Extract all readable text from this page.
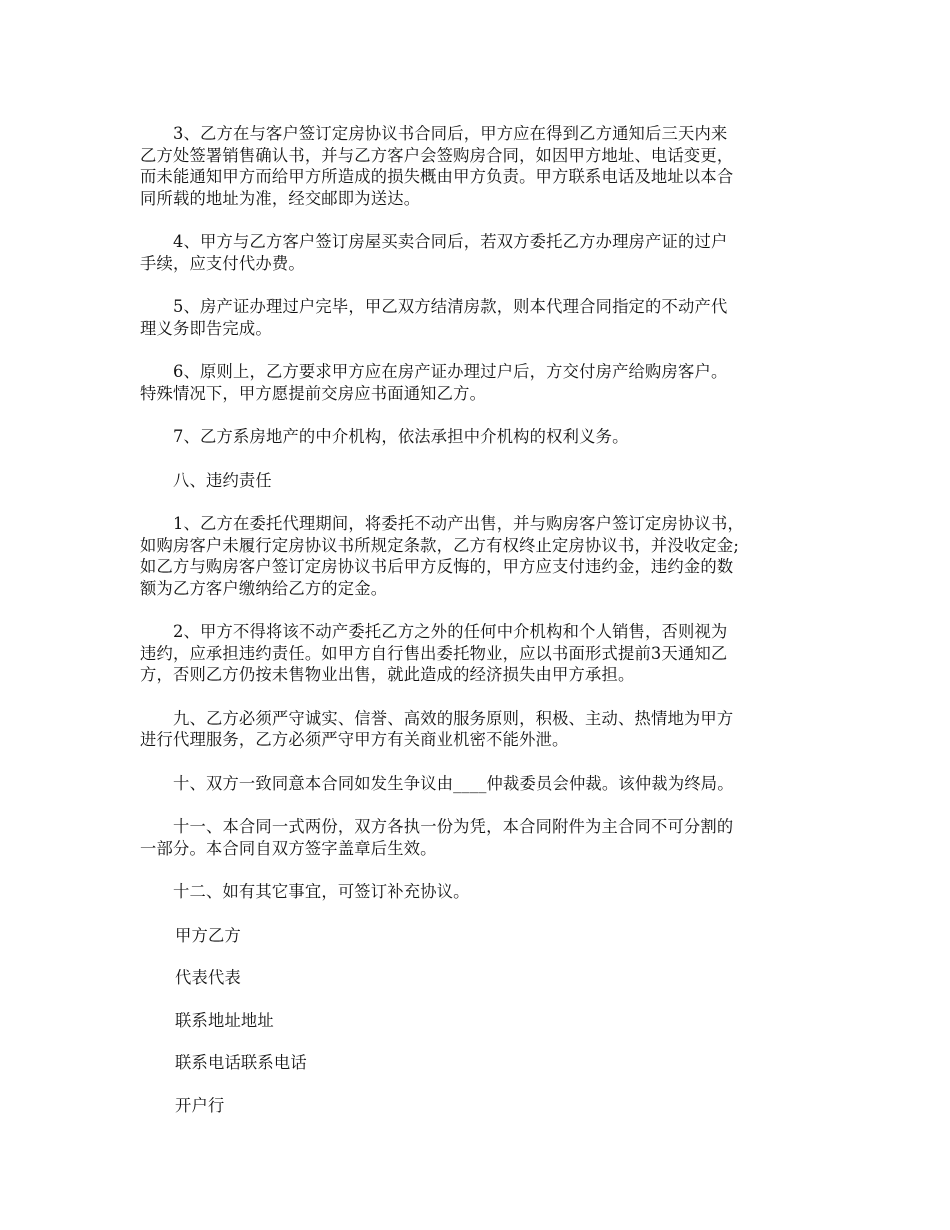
3、乙方在与客户签订定房协议书合同后，甲方应在得到乙方通知后三天内来
乙方处签署销售确认书，并与乙方客户会签购房合同，如因甲方地址、电话变更，
而未能通知甲方而给甲方所造成的损失概由甲方负责。甲方联系电话及地址以本合
同所载的地址为准，经交邮即为送达。

4、甲方与乙方客户签订房屋买卖合同后，若双方委托乙方办理房产证的过户
手续，应支付代办费。

5、房产证办理过户完毕，甲乙双方结清房款，则本代理合同指定的不动产代
理义务即告完成。

6、原则上，乙方要求甲方应在房产证办理过户后，方交付房产给购房客户。
特殊情况下，甲方愿提前交房应书面通知乙方。

7、乙方系房地产的中介机构，依法承担中介机构的权利义务。

八、违约责任

1、乙方在委托代理期间，将委托不动产出售，并与购房客户签订定房协议书，
如购房客户未履行定房协议书所规定条款，乙方有权终止定房协议书，并没收定金;
如乙方与购房客户签订定房协议书后甲方反悔的，甲方应支付违约金，违约金的数
额为乙方客户缴纳给乙方的定金。

2、甲方不得将该不动产委托乙方之外的任何中介机构和个人销售，否则视为
违约，应承担违约责任。如甲方自行售出委托物业，应以书面形式提前3天通知乙
方，否则乙方仍按未售物业出售，就此造成的经济损失由甲方承担。

九、乙方必须严守诚实、信誉、高效的服务原则，积极、主动、热情地为甲方
进行代理服务，乙方必须严守甲方有关商业机密不能外泄。

十、双方一致同意本合同如发生争议由____仲裁委员会仲裁。该仲裁为终局。

十一、本合同一式两份，双方各执一份为凭，本合同附件为主合同不可分割的
一部分。本合同自双方签字盖章后生效。

十二、如有其它事宜，可签订补充协议。

甲方乙方

代表代表

联系地址地址

联系电话联系电话

开户行
